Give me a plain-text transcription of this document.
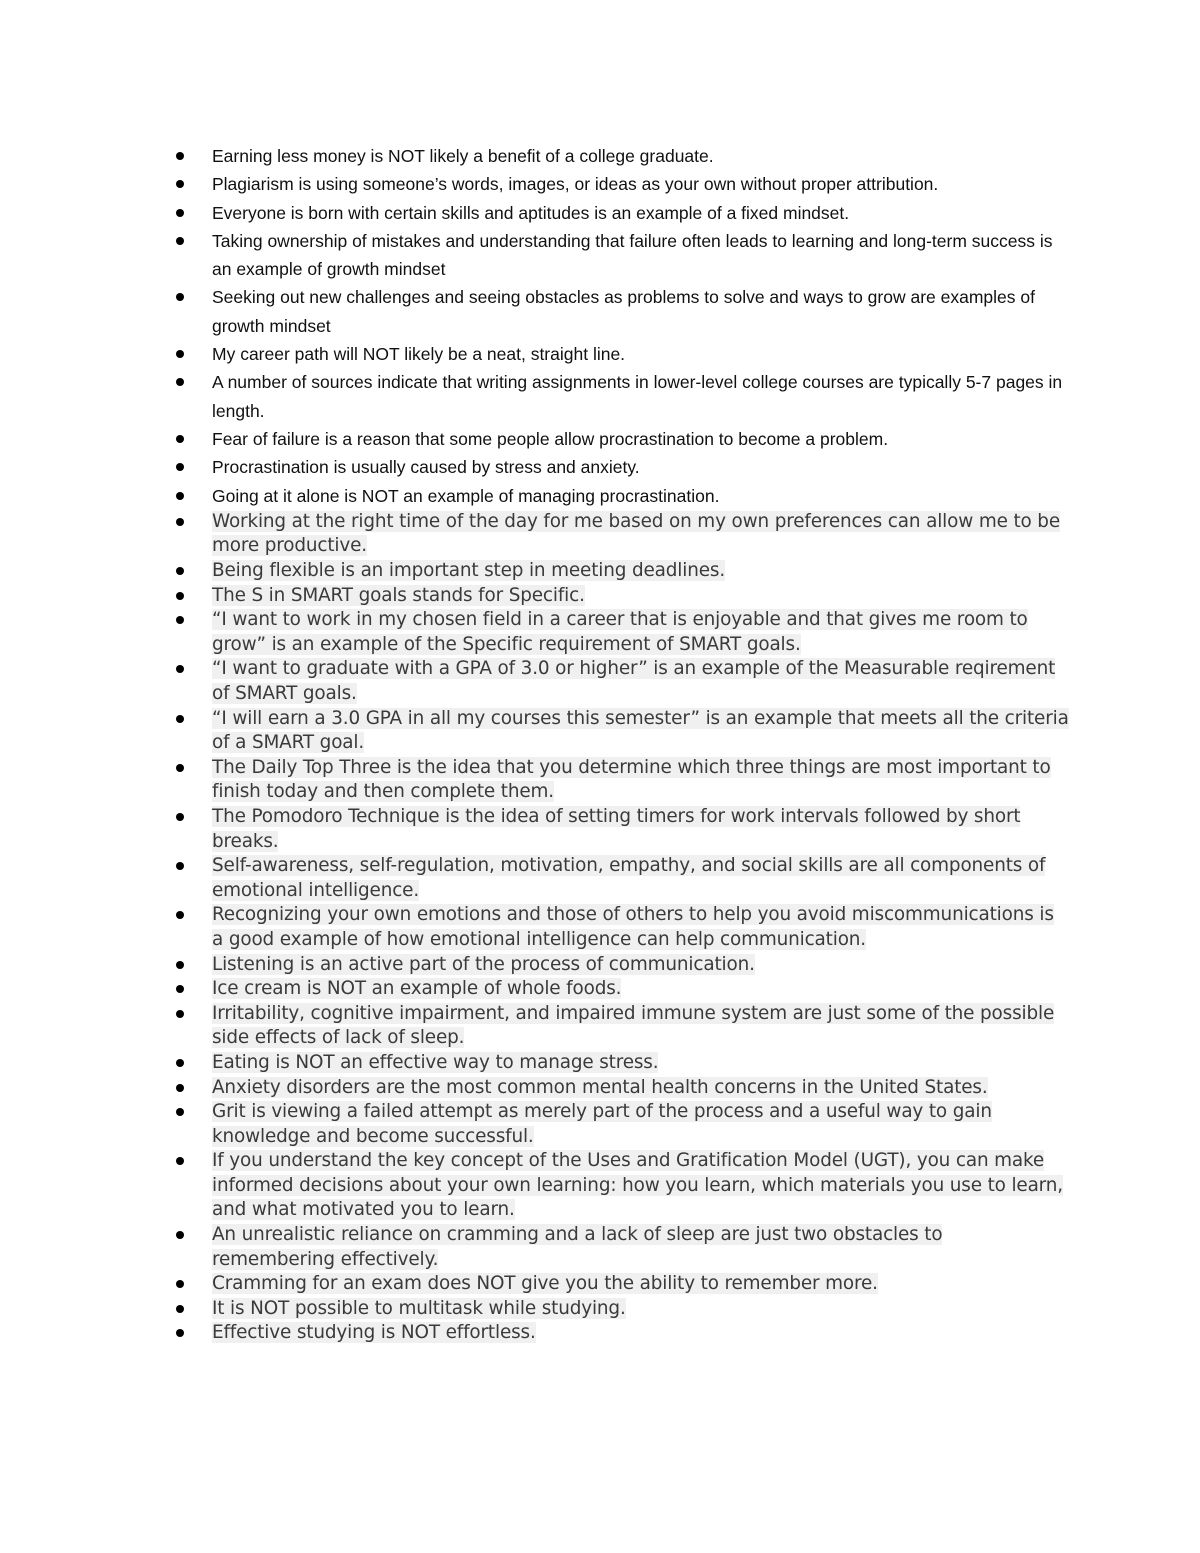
Earning less money is NOT likely a benefit of a college graduate.
Plagiarism is using someone’s words, images, or ideas as your own without proper attribution.
Everyone is born with certain skills and aptitudes is an example of a fixed mindset.
Taking ownership of mistakes and understanding that failure often leads to learning and long-term success is an example of growth mindset
Seeking out new challenges and seeing obstacles as problems to solve and ways to grow are examples of growth mindset
My career path will NOT likely be a neat, straight line.
A number of sources indicate that writing assignments in lower-level college courses are typically 5-7 pages in length.
Fear of failure is a reason that some people allow procrastination to become a problem.
Procrastination is usually caused by stress and anxiety.
Going at it alone is NOT an example of managing procrastination.
Working at the right time of the day for me based on my own preferences can allow me to be more productive.
Being flexible is an important step in meeting deadlines.
The S in SMART goals stands for Specific.
“I want to work in my chosen field in a career that is enjoyable and that gives me room to grow” is an example of the Specific requirement of SMART goals.
“I want to graduate with a GPA of 3.0 or higher” is an example of the Measurable reqirement of SMART goals.
“I will earn a 3.0 GPA in all my courses this semester” is an example that meets all the criteria of a SMART goal.
The Daily Top Three is the idea that you determine which three things are most important to finish today and then complete them.
The Pomodoro Technique is the idea of setting timers for work intervals followed by short breaks.
Self-awareness, self-regulation, motivation, empathy, and social skills are all components of emotional intelligence.
Recognizing your own emotions and those of others to help you avoid miscommunications is a good example of how emotional intelligence can help communication.
Listening is an active part of the process of communication.
Ice cream is NOT an example of whole foods.
Irritability, cognitive impairment, and impaired immune system are just some of the possible side effects of lack of sleep.
Eating is NOT an effective way to manage stress.
Anxiety disorders are the most common mental health concerns in the United States.
Grit is viewing a failed attempt as merely part of the process and a useful way to gain knowledge and become successful.
If you understand the key concept of the Uses and Gratification Model (UGT), you can make informed decisions about your own learning: how you learn, which materials you use to learn, and what motivated you to learn.
An unrealistic reliance on cramming and a lack of sleep are just two obstacles to remembering effectively.
Cramming for an exam does NOT give you the ability to remember more.
It is NOT possible to multitask while studying.
Effective studying is NOT effortless.
